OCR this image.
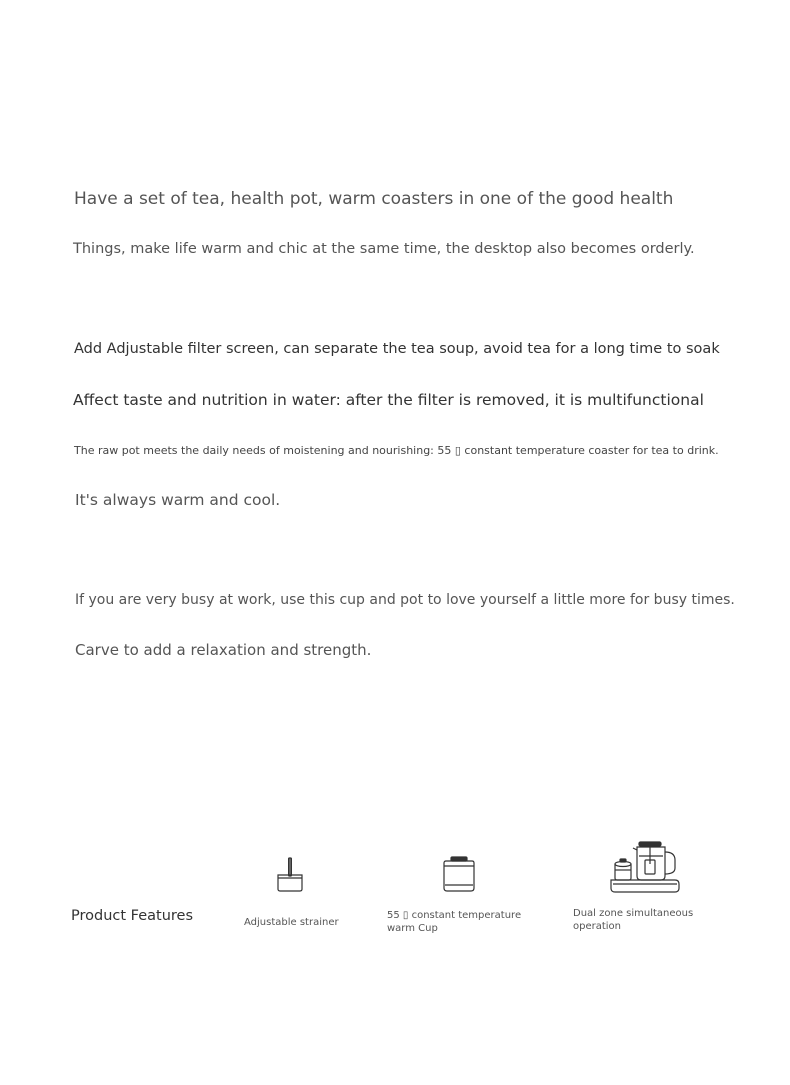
Have a set of tea, health pot, warm coasters in one of the good health

Things, make life warm and chic at the same time, the desktop also becomes orderly.

Add Adjustable filter screen, can separate the tea soup, avoid tea for a long time to soak

Affect taste and nutrition in water: after the filter is removed, it is multifunctional

The raw pot meets the daily needs of moistening and nourishing: 55 ▯ constant temperature coaster for tea to drink.

It's always warm and cool.

If you are very busy at work, use this cup and pot to love yourself a little more for busy times.

Carve to add a relaxation and strength.

Product Features	Adjustable strainer

55 ▯ constant temperature warm Cup

Dual zone simultaneous operation
